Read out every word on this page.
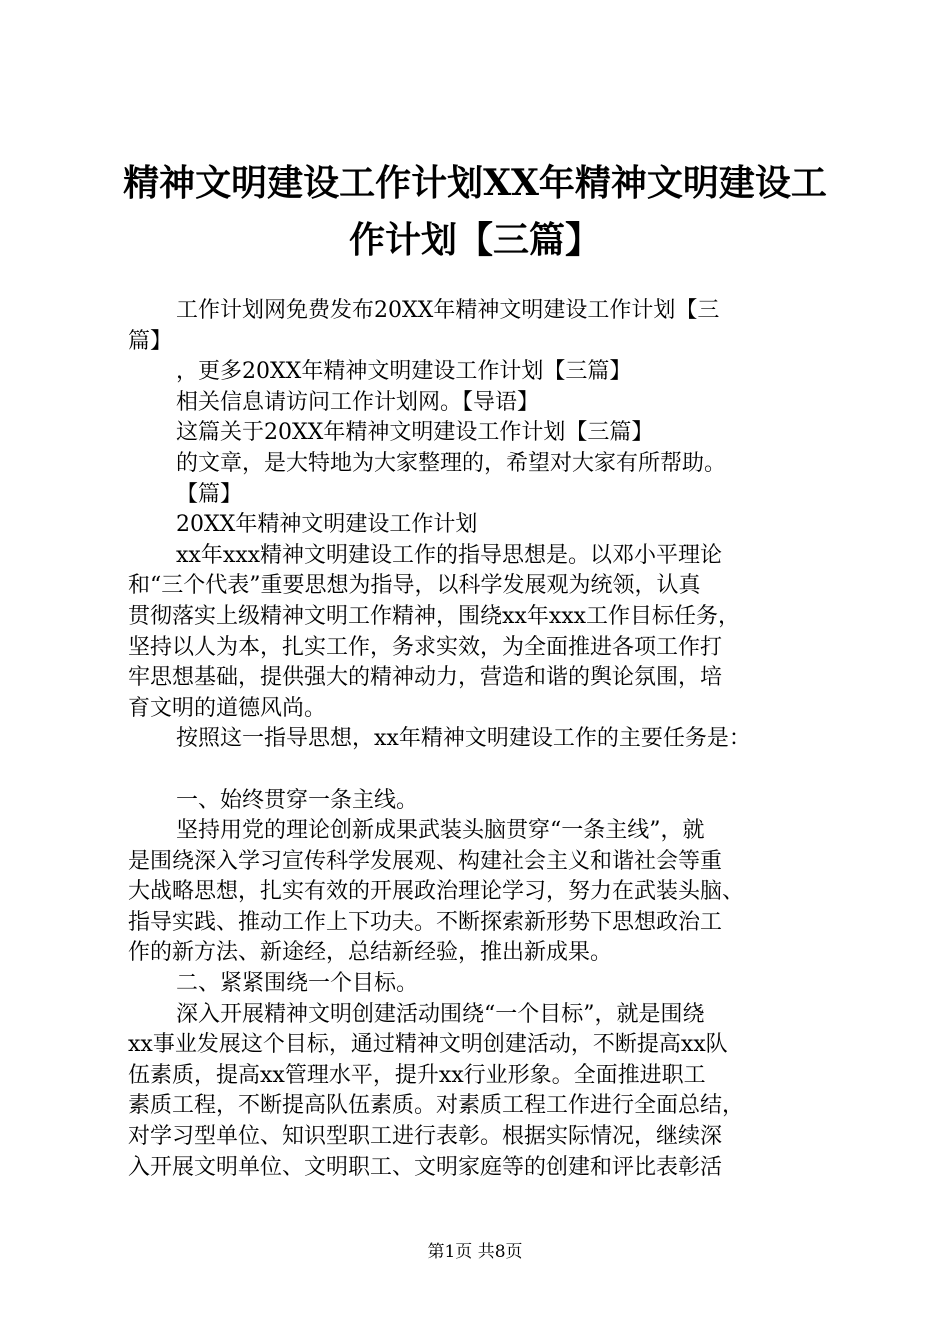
精神文明建设工作计划XX年精神文明建设工
作计划【三篇】
工作计划网免费发布20XX年精神文明建设工作计划【三
篇】
，更多20XX年精神文明建设工作计划【三篇】
相关信息请访问工作计划网。【导语】
这篇关于20XX年精神文明建设工作计划【三篇】
的文章，是大特地为大家整理的，希望对大家有所帮助。
【篇】
20XX年精神文明建设工作计划
xx年xxx精神文明建设工作的指导思想是。以邓小平理论
和“三个代表”重要思想为指导，以科学发展观为统领，认真
贯彻落实上级精神文明工作精神，围绕xx年xxx工作目标任务，
坚持以人为本，扎实工作，务求实效，为全面推进各项工作打
牢思想基础，提供强大的精神动力，营造和谐的舆论氛围，培
育文明的道德风尚。
按照这一指导思想，xx年精神文明建设工作的主要任务是：
一、始终贯穿一条主线。
坚持用党的理论创新成果武装头脑贯穿“一条主线”，就
是围绕深入学习宣传科学发展观、构建社会主义和谐社会等重
大战略思想，扎实有效的开展政治理论学习，努力在武装头脑、
指导实践、推动工作上下功夫。不断探索新形势下思想政治工
作的新方法、新途经，总结新经验，推出新成果。
二、紧紧围绕一个目标。
深入开展精神文明创建活动围绕“一个目标”，就是围绕
xx事业发展这个目标，通过精神文明创建活动，不断提高xx队
伍素质，提高xx管理水平，提升xx行业形象。全面推进职工
素质工程，不断提高队伍素质。对素质工程工作进行全面总结，
对学习型单位、知识型职工进行表彰。根据实际情况，继续深
入开展文明单位、文明职工、文明家庭等的创建和评比表彰活
第1页 共8页
